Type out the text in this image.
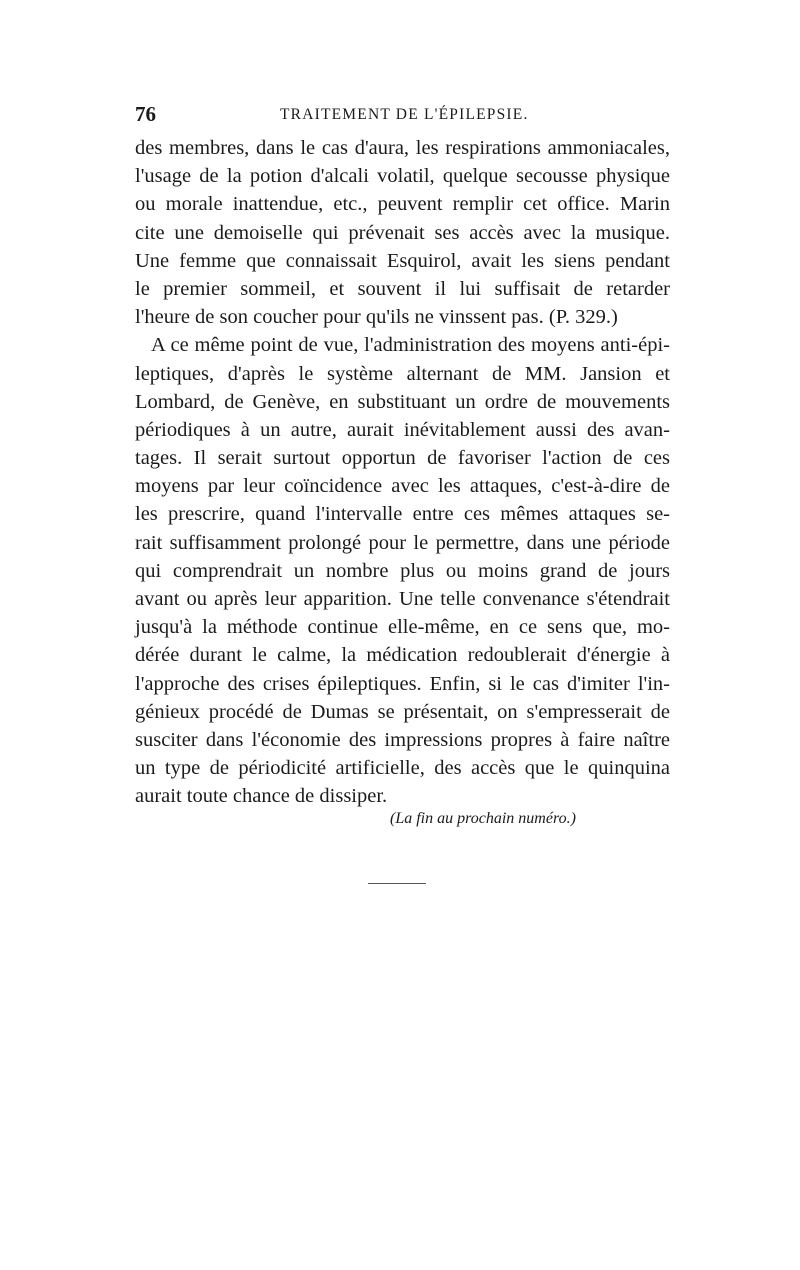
76	TRAITEMENT DE L'ÉPILEPSIE.
des membres, dans le cas d'aura, les respirations ammoniacales,
l'usage de la potion d'alcali volatil, quelque secousse physique
ou morale inattendue, etc., peuvent remplir cet office. Marin
cite une demoiselle qui prévenait ses accès avec la musique.
Une femme que connaissait Esquirol, avait les siens pendant
le premier sommeil, et souvent il lui suffisait de retarder
l'heure de son coucher pour qu'ils ne vinssent pas. (P. 329.)
A ce même point de vue, l'administration des moyens anti-épi-
leptiques, d'après le système alternant de MM. Jansion et
Lombard, de Genève, en substituant un ordre de mouvements
périodiques à un autre, aurait inévitablement aussi des avan-
tages. Il serait surtout opportun de favoriser l'action de ces
moyens par leur coïncidence avec les attaques, c'est-à-dire de
les prescrire, quand l'intervalle entre ces mêmes attaques se-
rait suffisamment prolongé pour le permettre, dans une période
qui comprendrait un nombre plus ou moins grand de jours
avant ou après leur apparition. Une telle convenance s'étendrait
jusqu'à la méthode continue elle-même, en ce sens que, mo-
dérée durant le calme, la médication redoublerait d'énergie à
l'approche des crises épileptiques. Enfin, si le cas d'imiter l'in-
génieux procédé de Dumas se présentait, on s'empresserait de
susciter dans l'économie des impressions propres à faire naître
un type de périodicité artificielle, des accès que le quinquina
aurait toute chance de dissiper.
(La fin au prochain numéro.)
